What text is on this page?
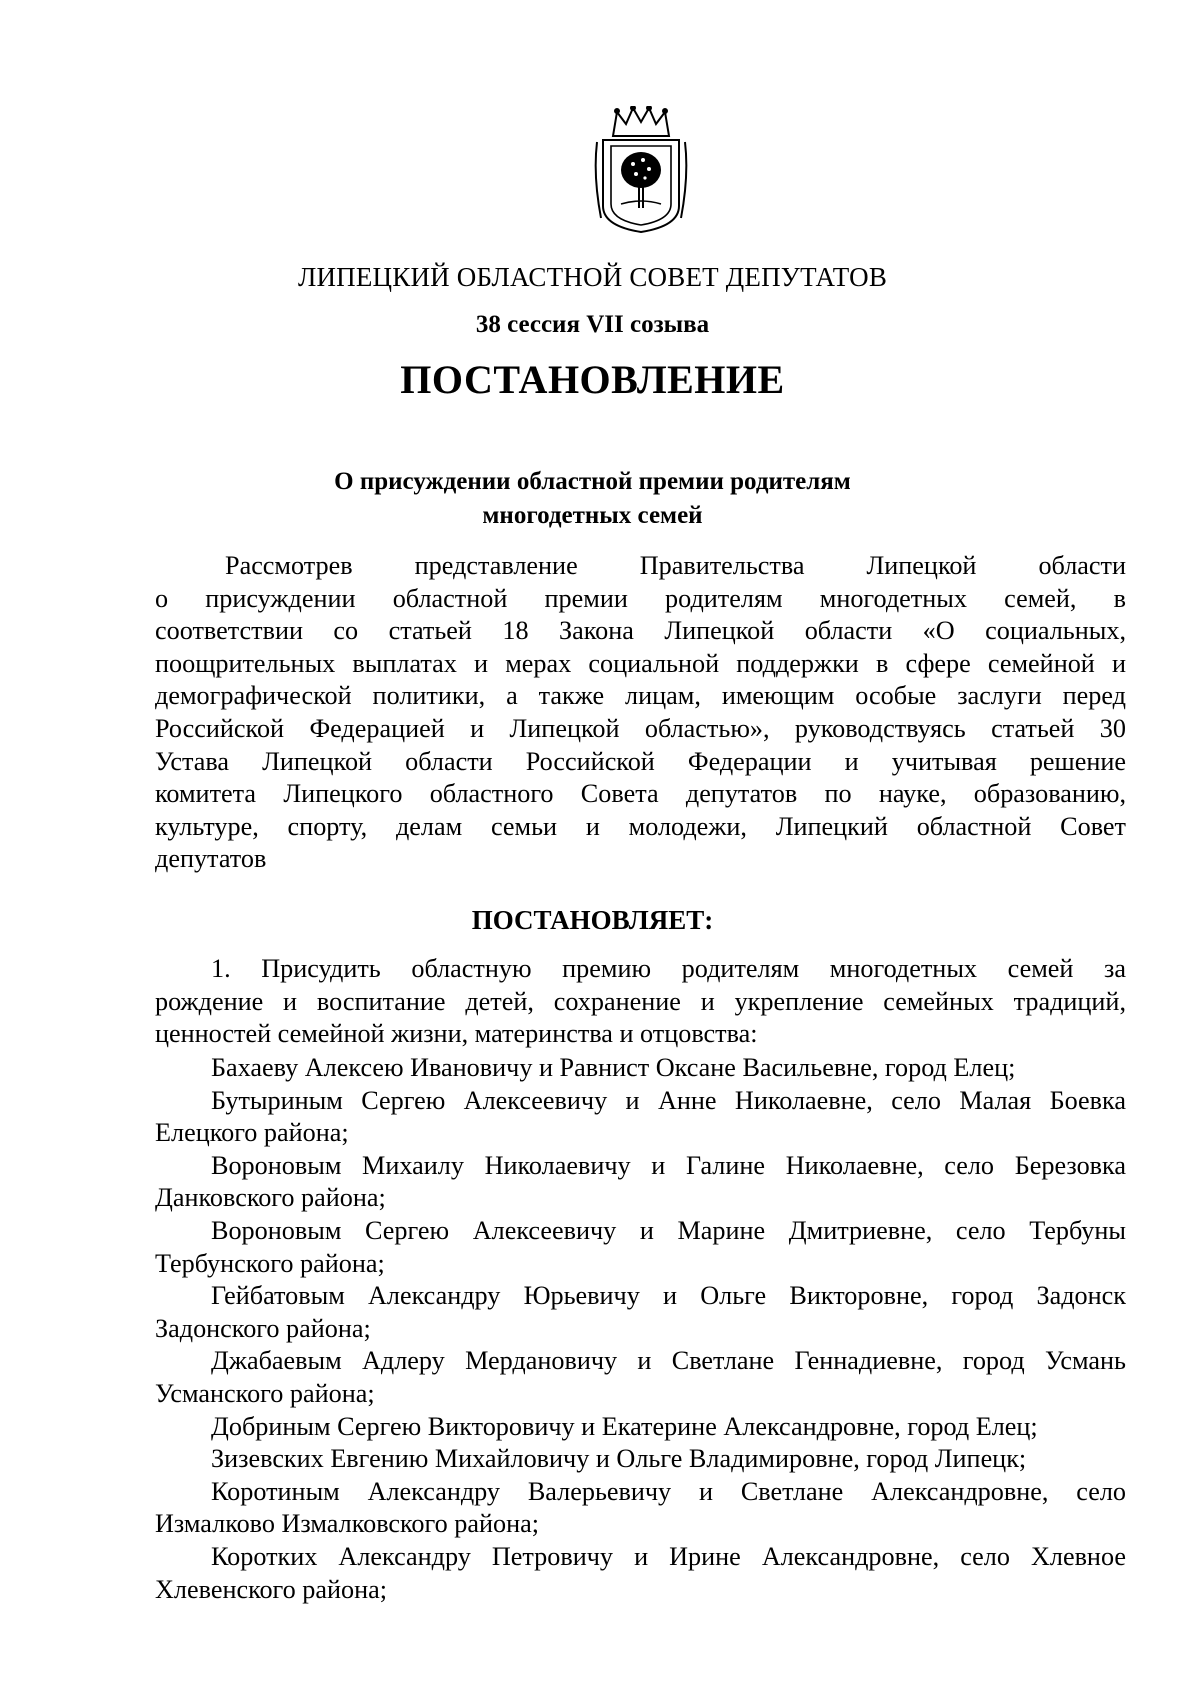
ЛИПЕЦКИЙ ОБЛАСТНОЙ СОВЕТ ДЕПУТАТОВ
38 сессия VII созыва
ПОСТАНОВЛЕНИЕ
О присуждении областной премии родителям
многодетных семей
Рассмотрев представление Правительства Липецкой области
о присуждении областной премии родителям многодетных семей, в
соответствии со статьей 18 Закона Липецкой области «О социальных,
поощрительных выплатах и мерах социальной поддержки в сфере семейной и
демографической политики, а также лицам, имеющим особые заслуги перед
Российской Федерацией и Липецкой областью», руководствуясь статьей 30
Устава Липецкой области Российской Федерации и учитывая решение
комитета Липецкого областного Совета депутатов по науке, образованию,
культуре, спорту, делам семьи и молодежи, Липецкий областной Совет
депутатов
ПОСТАНОВЛЯЕТ:
1. Присудить областную премию родителям многодетных семей за
рождение и воспитание детей, сохранение и укрепление семейных традиций,
ценностей семейной жизни, материнства и отцовства:
Бахаеву Алексею Ивановичу и Равнист Оксане Васильевне, город Елец;
Бутыриным Сергею Алексеевичу и Анне Николаевне, село Малая Боевка
Елецкого района;
Вороновым Михаилу Николаевичу и Галине Николаевне, село Березовка
Данковского района;
Вороновым Сергею Алексеевичу и Марине Дмитриевне, село Тербуны
Тербунского района;
Гейбатовым Александру Юрьевичу и Ольге Викторовне, город Задонск
Задонского района;
Джабаевым Адлеру Мердановичу и Светлане Геннадиевне, город Усмань
Усманского района;
Добриным Сергею Викторовичу и Екатерине Александровне, город Елец;
Зизевских Евгению Михайловичу и Ольге Владимировне, город Липецк;
Коротиным Александру Валерьевичу и Светлане Александровне, село
Измалково Измалковского района;
Коротких Александру Петровичу и Ирине Александровне, село Хлевное
Хлевенского района;
